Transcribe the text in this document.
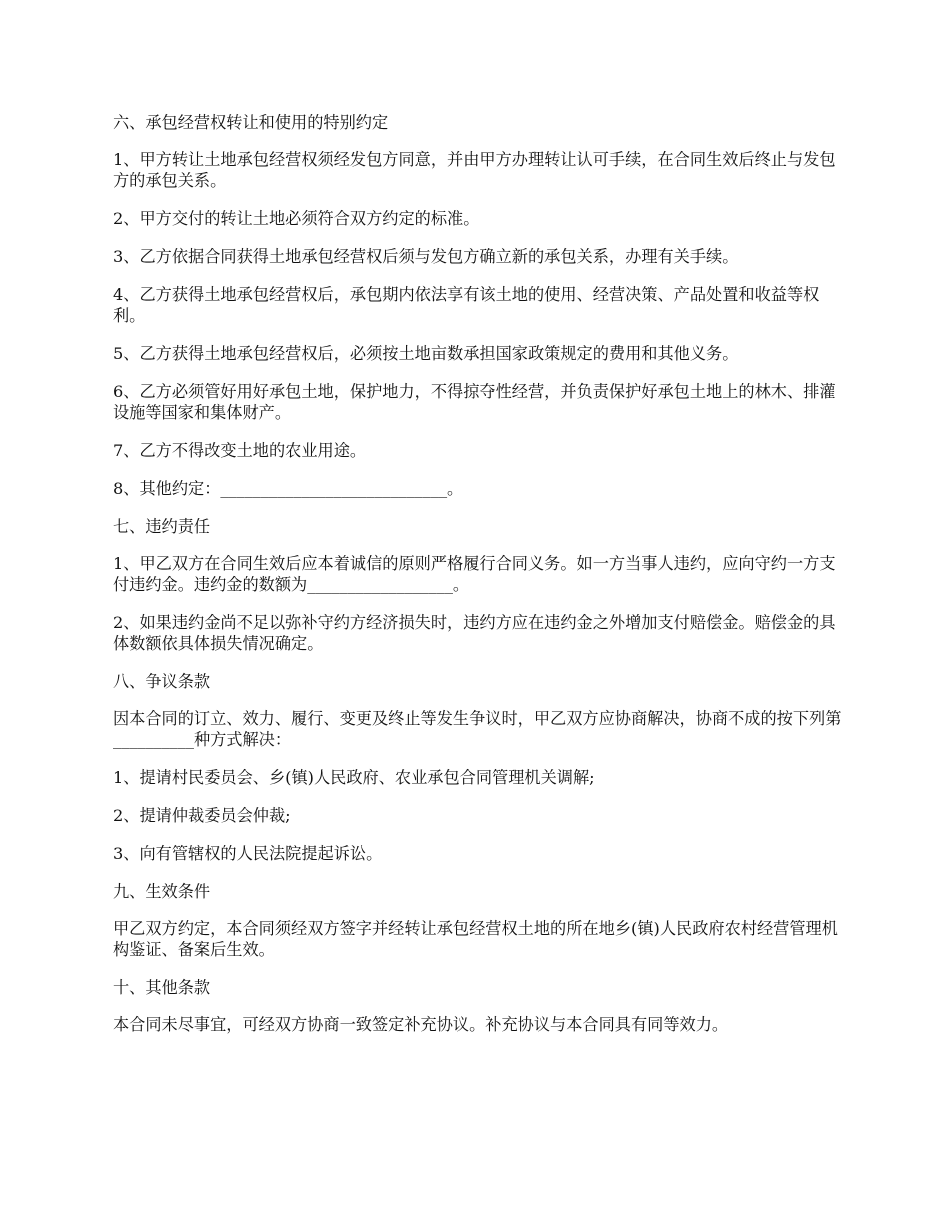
六、承包经营权转让和使用的特别约定

1、甲方转让土地承包经营权须经发包方同意，并由甲方办理转让认可手续，在合同生效后终止与发包方的承包关系。

2、甲方交付的转让土地必须符合双方约定的标准。

3、乙方依据合同获得土地承包经营权后须与发包方确立新的承包关系，办理有关手续。

4、乙方获得土地承包经营权后，承包期内依法享有该土地的使用、经营决策、产品处置和收益等权利。

5、乙方获得土地承包经营权后，必须按土地亩数承担国家政策规定的费用和其他义务。

6、乙方必须管好用好承包土地，保护地力，不得掠夺性经营，并负责保护好承包土地上的林木、排灌设施等国家和集体财产。

7、乙方不得改变土地的农业用途。

8、其他约定：____________________________。

七、违约责任

1、甲乙双方在合同生效后应本着诚信的原则严格履行合同义务。如一方当事人违约，应向守约一方支付违约金。违约金的数额为__________________。

2、如果违约金尚不足以弥补守约方经济损失时，违约方应在违约金之外增加支付赔偿金。赔偿金的具体数额依具体损失情况确定。

八、争议条款

因本合同的订立、效力、履行、变更及终止等发生争议时，甲乙双方应协商解决，协商不成的按下列第__________种方式解决：

1、提请村民委员会、乡(镇)人民政府、农业承包合同管理机关调解;

2、提请仲裁委员会仲裁;

3、向有管辖权的人民法院提起诉讼。

九、生效条件

甲乙双方约定，本合同须经双方签字并经转让承包经营权土地的所在地乡(镇)人民政府农村经营管理机构鉴证、备案后生效。

十、其他条款

本合同未尽事宜，可经双方协商一致签定补充协议。补充协议与本合同具有同等效力。
